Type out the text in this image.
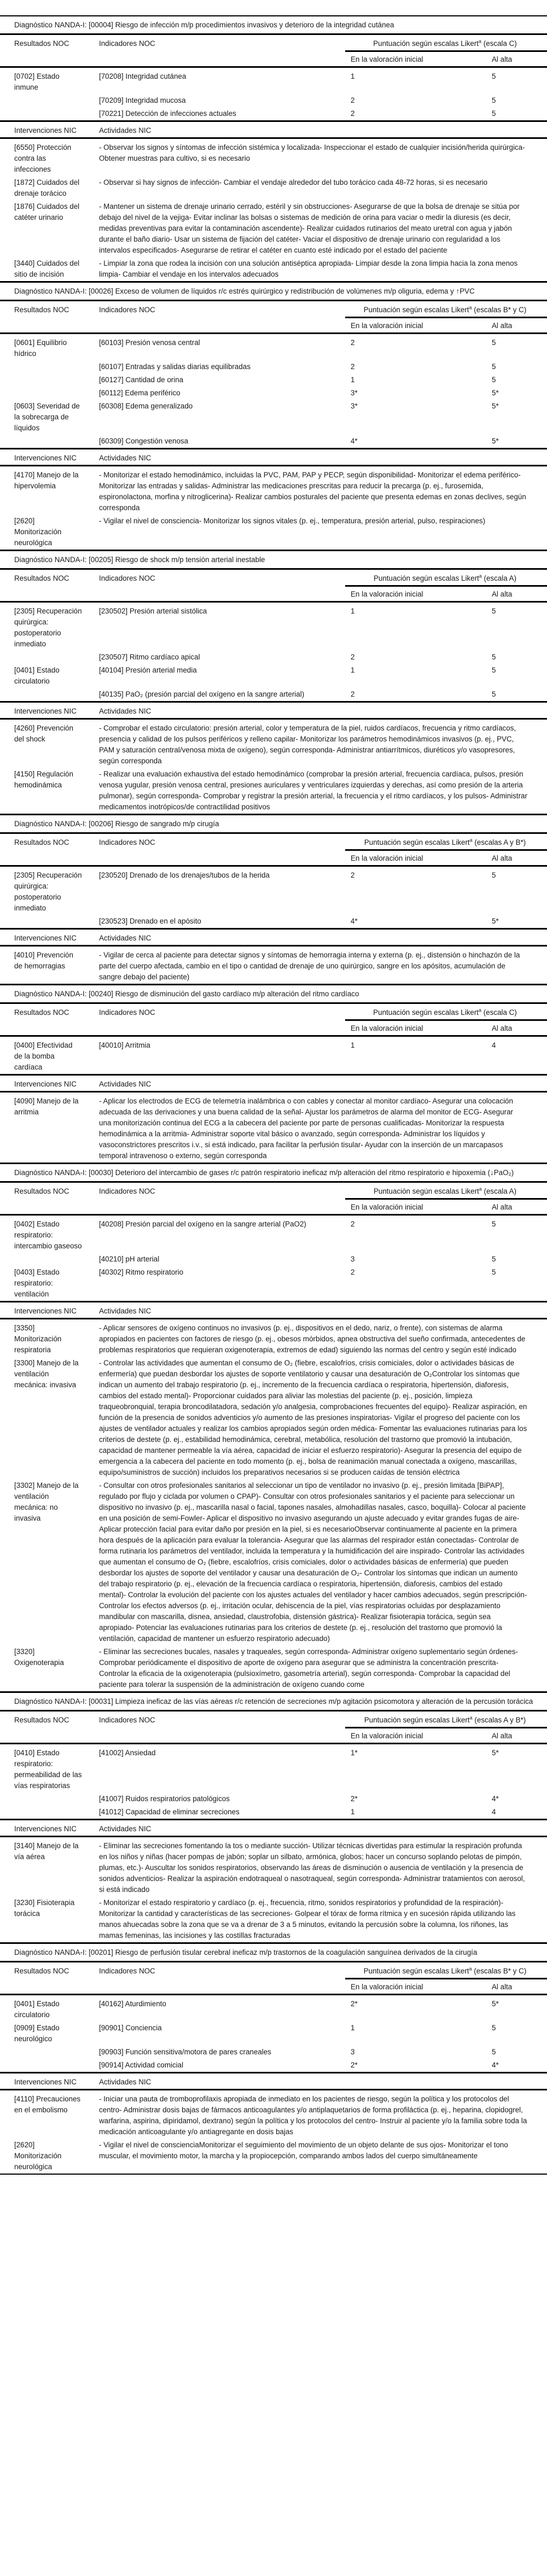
Diagnóstico NANDA-I: [00004] Riesgo de infección m/p procedimientos invasivos y deterioro de la integridad cutánea			
Resultados NOC	Indicadores NOC	Puntuación según escalas Likert$^a$ (escala C)	
		En la valoración inicial	Al alta
[0702] Estado inmune	[70208] Integridad cutánea	1	5
	[70209] Integridad mucosa	2	5
	[70221] Detección de infecciones actuales	2	5
Intervenciones NIC	Actividades NIC		
[6550] Protección contra las infecciones	- Observar los signos y síntomas de infección sistémica y localizada- Inspeccionar el estado de cualquier incisión/herida quirúrgica- Obtener muestras para cultivo, si es necesario		
[1872] Cuidados del drenaje torácico	- Observar si hay signos de infección- Cambiar el vendaje alrededor del tubo torácico cada 48-72 horas, si es necesario		
[1876] Cuidados del catéter urinario	- Mantener un sistema de drenaje urinario cerrado, estéril y sin obstrucciones- Asegurarse de que la bolsa de drenaje se sitúa por debajo del nivel de la vejiga- Evitar inclinar las bolsas o sistemas de medición de orina para vaciar o medir la diuresis (es decir, medidas preventivas para evitar la contaminación ascendente)- Realizar cuidados rutinarios del meato uretral con agua y jabón durante el baño diario- Usar un sistema de fijación del catéter- Vaciar el dispositivo de drenaje urinario con regularidad a los intervalos especificados- Asegurarse de retirar el catéter en cuanto esté indicado por el estado del paciente		
[3440] Cuidados del sitio de incisión	- Limpiar la zona que rodea la incisión con una solución antiséptica apropiada- Limpiar desde la zona limpia hacia la zona menos limpia- Cambiar el vendaje en los intervalos adecuados		
Diagnóstico NANDA-I: [00026] Exceso de volumen de líquidos r/c estrés quirúrgico y redistribución de volúmenes m/p oliguria, edema y ↑PVC			
Resultados NOC	Indicadores NOC	Puntuación según escalas Likert$^a$ (escalas B* y C)	
		En la valoración inicial	Al alta
[0601] Equilibrio hídrico	[60103] Presión venosa central	2	5
	[60107] Entradas y salidas diarias equilibradas	2	5
	[60127] Cantidad de orina	1	5
	[60112] Edema periférico	3*	5*
[0603] Severidad de la sobrecarga de líquidos	[60308] Edema generalizado	3*	5*
	[60309] Congestión venosa	4*	5*
Intervenciones NIC	Actividades NIC		
[4170] Manejo de la hipervolemia	- Monitorizar el estado hemodinámico, incluidas la PVC, PAM, PAP y PECP, según disponibilidad- Monitorizar el edema periférico- Monitorizar las entradas y salidas- Administrar las medicaciones prescritas para reducir la precarga (p. ej., furosemida, espironolactona, morfina y nitroglicerina)- Realizar cambios posturales del paciente que presenta edemas en zonas declives, según corresponda		
[2620] Monitorización neurológica	- Vigilar el nivel de consciencia- Monitorizar los signos vitales (p. ej., temperatura, presión arterial, pulso, respiraciones)		
Diagnóstico NANDA-I: [00205] Riesgo de shock m/p tensión arterial inestable			
Resultados NOC	Indicadores NOC	Puntuación según escalas Likert$^a$ (escala A)	
		En la valoración inicial	Al alta
[2305] Recuperación quirúrgica: postoperatorio inmediato	[230502] Presión arterial sistólica	1	5
	[230507] Ritmo cardíaco apical	2	5
[0401] Estado circulatorio	[40104] Presión arterial media	1	5
	[40135] PaO₂ (presión parcial del oxígeno en la sangre arterial)	2	5
Intervenciones NIC	Actividades NIC		
[4260] Prevención del shock	- Comprobar el estado circulatorio: presión arterial, color y temperatura de la piel, ruidos cardíacos, frecuencia y ritmo cardíacos, presencia y calidad de los pulsos periféricos y relleno capilar- Monitorizar los parámetros hemodinámicos invasivos (p. ej., PVC, PAM y saturación central/venosa mixta de oxígeno), según corresponda- Administrar antiarrítmicos, diuréticos y/o vasopresores, según corresponda		
[4150] Regulación hemodinámica	- Realizar una evaluación exhaustiva del estado hemodinámico (comprobar la presión arterial, frecuencia cardíaca, pulsos, presión venosa yugular, presión venosa central, presiones auriculares y ventriculares izquierdas y derechas, así como presión de la arteria pulmonar), según corresponda- Comprobar y registrar la presión arterial, la frecuencia y el ritmo cardíacos, y los pulsos- Administrar medicamentos inotrópicos/de contractilidad positivos		
Diagnóstico NANDA-I: [00206] Riesgo de sangrado m/p cirugía			
Resultados NOC	Indicadores NOC	Puntuación según escalas Likert$^a$ (escalas A y B*)	
		En la valoración inicial	Al alta
[2305] Recuperación quirúrgica: postoperatorio inmediato	[230520] Drenado de los drenajes/tubos de la herida	2	5
	[230523] Drenado en el apósito	4*	5*
Intervenciones NIC	Actividades NIC		
[4010] Prevención de hemorragias	- Vigilar de cerca al paciente para detectar signos y síntomas de hemorragia interna y externa (p. ej., distensión o hinchazón de la parte del cuerpo afectada, cambio en el tipo o cantidad de drenaje de uno quirúrgico, sangre en los apósitos, acumulación de sangre debajo del paciente)		
Diagnóstico NANDA-I: [00240] Riesgo de disminución del gasto cardíaco m/p alteración del ritmo cardíaco			
Resultados NOC	Indicadores NOC	Puntuación según escalas Likert$^a$ (escala C)	
		En la valoración inicial	Al alta
[0400] Efectividad de la bomba cardíaca	[40010] Arritmia	1	4
Intervenciones NIC	Actividades NIC		
[4090] Manejo de la arritmia	- Aplicar los electrodos de ECG de telemetría inalámbrica o con cables y conectar al monitor cardíaco- Asegurar una colocación adecuada de las derivaciones y una buena calidad de la señal- Ajustar los parámetros de alarma del monitor de ECG- Asegurar una monitorización continua del ECG a la cabecera del paciente por parte de personas cualificadas- Monitorizar la respuesta hemodinámica a la arritmia- Administrar soporte vital básico o avanzado, según corresponda- Administrar los líquidos y vasoconstrictores prescritos i.v., si está indicado, para facilitar la perfusión tisular- Ayudar con la inserción de un marcapasos temporal intravenoso o externo, según corresponda		
Diagnóstico NANDA-I: [00030] Deterioro del intercambio de gases r/c patrón respiratorio ineficaz m/p alteración del ritmo respiratorio e hipoxemia (↓PaO₂)			
Resultados NOC	Indicadores NOC	Puntuación según escalas Likert$^a$ (escala A)	
		En la valoración inicial	Al alta
[0402] Estado respiratorio: intercambio gaseoso	[40208] Presión parcial del oxígeno en la sangre arterial (PaO2)	2	5
	[40210] pH arterial	3	5
[0403] Estado respiratorio: ventilación	[40302] Ritmo respiratorio	2	5
Intervenciones NIC	Actividades NIC		
[3350] Monitorización respiratoria	- Aplicar sensores de oxígeno continuos no invasivos (p. ej., dispositivos en el dedo, nariz, o frente), con sistemas de alarma apropiados en pacientes con factores de riesgo (p. ej., obesos mórbidos, apnea obstructiva del sueño confirmada, antecedentes de problemas respiratorios que requieran oxigenoterapia, extremos de edad) siguiendo las normas del centro y según esté indicado		
[3300] Manejo de la ventilación mecánica: invasiva	- Controlar las actividades que aumentan el consumo de O₂ (fiebre, escalofríos, crisis comiciales, dolor o actividades básicas de enfermería) que puedan desbordar los ajustes de soporte ventilatorio y causar una desaturación de O₂Controlar los síntomas que indican un aumento del trabajo respiratorio (p. ej., incremento de la frecuencia cardíaca o respiratoria, hipertensión, diaforesis, cambios del estado mental)- Proporcionar cuidados para aliviar las molestias del paciente (p. ej., posición, limpieza traqueobronquial, terapia broncodilatadora, sedación y/o analgesia, comprobaciones frecuentes del equipo)- Realizar aspiración, en función de la presencia de sonidos adventicios y/o aumento de las presiones inspiratorias- Vigilar el progreso del paciente con los ajustes de ventilador actuales y realizar los cambios apropiados según orden médica- Fomentar las evaluaciones rutinarias para los criterios de destete (p. ej., estabilidad hemodinámica, cerebral, metabólica, resolución del trastorno que promovió la intubación, capacidad de mantener permeable la vía aérea, capacidad de iniciar el esfuerzo respiratorio)- Asegurar la presencia del equipo de emergencia a la cabecera del paciente en todo momento (p. ej., bolsa de reanimación manual conectada a oxígeno, mascarillas, equipo/suministros de succión) incluidos los preparativos necesarios si se producen caídas de tensión eléctrica		
[3302] Manejo de la ventilación mecánica: no invasiva	- Consultar con otros profesionales sanitarios al seleccionar un tipo de ventilador no invasivo (p. ej., presión limitada [BiPAP], regulado por flujo y ciclada por volumen o CPAP)- Consultar con otros profesionales sanitarios y el paciente para seleccionar un dispositivo no invasivo (p. ej., mascarilla nasal o facial, tapones nasales, almohadillas nasales, casco, boquilla)- Colocar al paciente en una posición de semi-Fowler- Aplicar el dispositivo no invasivo asegurando un ajuste adecuado y evitar grandes fugas de aire- Aplicar protección facial para evitar daño por presión en la piel, si es necesarioObservar continuamente al paciente en la primera hora después de la aplicación para evaluar la tolerancia- Asegurar que las alarmas del respirador están conectadas- Controlar de forma rutinaria los parámetros del ventilador, incluida la temperatura y la humidificación del aire inspirado- Controlar las actividades que aumentan el consumo de O₂ (fiebre, escalofríos, crisis comiciales, dolor o actividades básicas de enfermería) que pueden desbordar los ajustes de soporte del ventilador y causar una desaturación de O₂- Controlar los síntomas que indican un aumento del trabajo respiratorio (p. ej., elevación de la frecuencia cardíaca o respiratoria, hipertensión, diaforesis, cambios del estado mental)- Controlar la evolución del paciente con los ajustes actuales del ventilador y hacer cambios adecuados, según prescripción- Controlar los efectos adversos (p. ej., irritación ocular, dehiscencia de la piel, vías respiratorias ocluidas por desplazamiento mandibular con mascarilla, disnea, ansiedad, claustrofobia, distensión gástrica)- Realizar fisioterapia torácica, según sea apropiado- Potenciar las evaluaciones rutinarias para los criterios de destete (p. ej., resolución del trastorno que promovió la ventilación, capacidad de mantener un esfuerzo respiratorio adecuado)		
[3320] Oxigenoterapia	- Eliminar las secreciones bucales, nasales y traqueales, según corresponda- Administrar oxígeno suplementario según órdenes- Comprobar periódicamente el dispositivo de aporte de oxígeno para asegurar que se administra la concentración prescrita- Controlar la eficacia de la oxigenoterapia (pulsioxímetro, gasometría arterial), según corresponda- Comprobar la capacidad del paciente para tolerar la suspensión de la administración de oxígeno cuando come		
Diagnóstico NANDA-I: [00031] Limpieza ineficaz de las vías aéreas r/c retención de secreciones m/p agitación psicomotora y alteración de la percusión torácica			
Resultados NOC	Indicadores NOC	Puntuación según escalas Likert$^a$ (escalas A y B*)	
		En la valoración inicial	Al alta
[0410] Estado respiratorio: permeabilidad de las vías respiratorias	[41002] Ansiedad	1*	5*
	[41007] Ruidos respiratorios patológicos	2*	4*
	[41012] Capacidad de eliminar secreciones	1	4
Intervenciones NIC	Actividades NIC		
[3140] Manejo de la vía aérea	- Eliminar las secreciones fomentando la tos o mediante succión- Utilizar técnicas divertidas para estimular la respiración profunda en los niños y niñas (hacer pompas de jabón; soplar un silbato, armónica, globos; hacer un concurso soplando pelotas de pimpón, plumas, etc.)- Auscultar los sonidos respiratorios, observando las áreas de disminución o ausencia de ventilación y la presencia de sonidos adventicios- Realizar la aspiración endotraqueal o nasotraqueal, según corresponda- Administrar tratamientos con aerosol, si está indicado		
[3230] Fisioterapia torácica	- Monitorizar el estado respiratorio y cardíaco (p. ej., frecuencia, ritmo, sonidos respiratorios y profundidad de la respiración)- Monitorizar la cantidad y características de las secreciones- Golpear el tórax de forma rítmica y en sucesión rápida utilizando las manos ahuecadas sobre la zona que se va a drenar de 3 a 5 minutos, evitando la percusión sobre la columna, los riñones, las mamas femeninas, las incisiones y las costillas fracturadas		
Diagnóstico NANDA-I: [00201] Riesgo de perfusión tisular cerebral ineficaz m/p trastornos de la coagulación sanguínea derivados de la cirugía			
Resultados NOC	Indicadores NOC	Puntuación según escalas Likert$^a$ (escalas B* y C)	
		En la valoración inicial	Al alta
[0401] Estado circulatorio	[40162] Aturdimiento	2*	5*
[0909] Estado neurológico	[90901] Conciencia	1	5
	[90903] Función sensitiva/motora de pares craneales	3	5
	[90914] Actividad comicial	2*	4*
Intervenciones NIC	Actividades NIC		
[4110] Precauciones en el embolismo	- Iniciar una pauta de tromboprofilaxis apropiada de inmediato en los pacientes de riesgo, según la política y los protocolos del centro- Administrar dosis bajas de fármacos anticoagulantes y/o antiplaquetarios de forma profiláctica (p. ej., heparina, clopidogrel, warfarina, aspirina, dipiridamol, dextrano) según la política y los protocolos del centro- Instruir al paciente y/o la familia sobre toda la medicación anticoagulante y/o antiagregante en dosis bajas		
[2620] Monitorización neurológica	- Vigilar el nivel de conscienciaMonitorizar el seguimiento del movimiento de un objeto delante de sus ojos- Monitorizar el tono muscular, el movimiento motor, la marcha y la propiocepción, comparando ambos lados del cuerpo simultáneamente		
